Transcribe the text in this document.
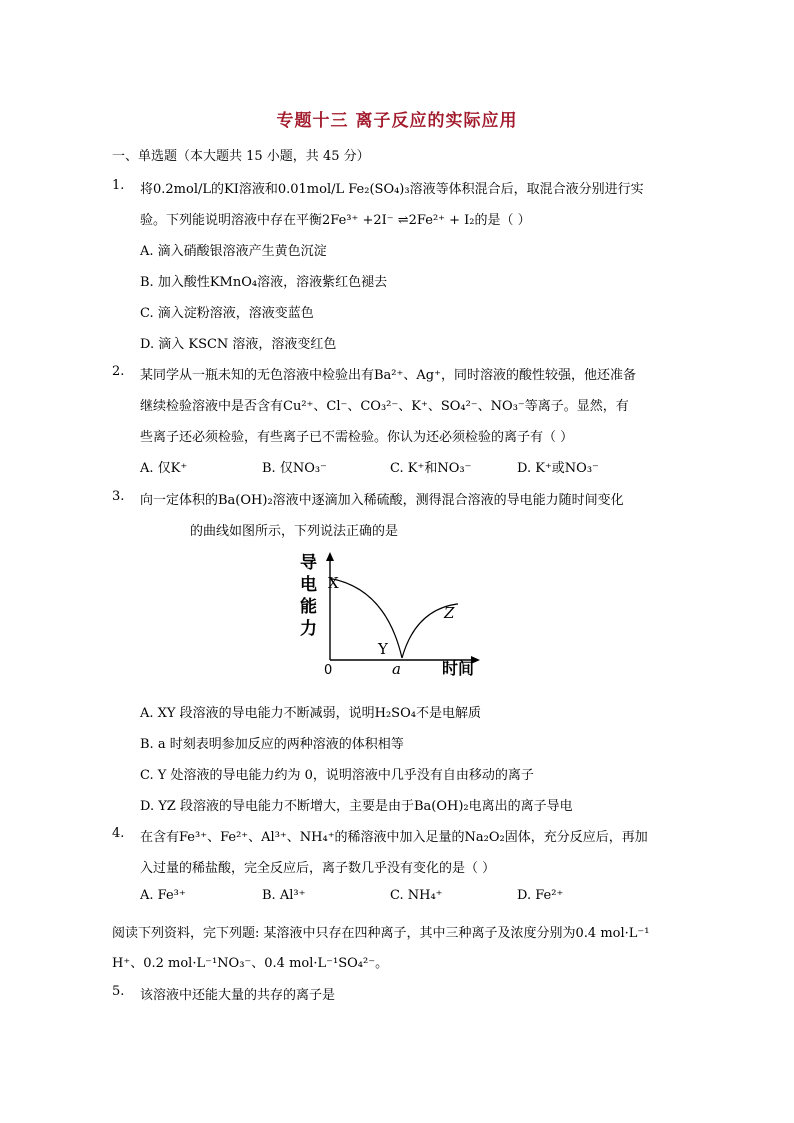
专题十三 离子反应的实际应用
一、单选题（本大题共 15 小题，共 45 分）
1. 将0.2mol/L的KI溶液和0.01mol/L Fe₂(SO₄)₃溶液等体积混合后，取混合液分别进行实
验。下列能说明溶液中存在平衡2Fe³⁺ +2I⁻ ⇌2Fe²⁺ + I₂的是（ ）
A. 滴入硝酸银溶液产生黄色沉淀
B. 加入酸性KMnO₄溶液，溶液紫红色褪去
C. 滴入淀粉溶液，溶液变蓝色
D. 滴入 KSCN 溶液，溶液变红色
2. 某同学从一瓶未知的无色溶液中检验出有Ba²⁺、Ag⁺，同时溶液的酸性较强，他还准备
继续检验溶液中是否含有Cu²⁺、Cl⁻、CO₃²⁻、K⁺、SO₄²⁻、NO₃⁻等离子。显然，有
些离子还必须检验，有些离子已不需检验。你认为还必须检验的离子有（ ）
A. 仅K⁺	B. 仅NO₃⁻	C. K⁺和NO₃⁻	D. K⁺或NO₃⁻
3. 向一定体积的Ba(OH)₂溶液中逐滴加入稀硫酸，测得混合溶液的导电能力随时间变化
的曲线如图所示，下列说法正确的是
导
电
能
力
0	时间
X
Y
Z
a
A. XY 段溶液的导电能力不断减弱，说明H₂SO₄不是电解质
B. a 时刻表明参加反应的两种溶液的体积相等
C. Y 处溶液的导电能力约为 0，说明溶液中几乎没有自由移动的离子
D. YZ 段溶液的导电能力不断增大，主要是由于Ba(OH)₂电离出的离子导电
4. 在含有Fe³⁺、Fe²⁺、Al³⁺、NH₄⁺的稀溶液中加入足量的Na₂O₂固体，充分反应后，再加
入过量的稀盐酸，完全反应后，离子数几乎没有变化的是（ ）
A. Fe³⁺	B. Al³⁺	C. NH₄⁺	D. Fe²⁺
阅读下列资料，完下列题: 某溶液中只存在四种离子，其中三种离子及浓度分别为0.4 mol·L⁻¹
H⁺、0.2 mol·L⁻¹NO₃⁻、0.4 mol·L⁻¹SO₄²⁻。
5. 该溶液中还能大量的共存的离子是
